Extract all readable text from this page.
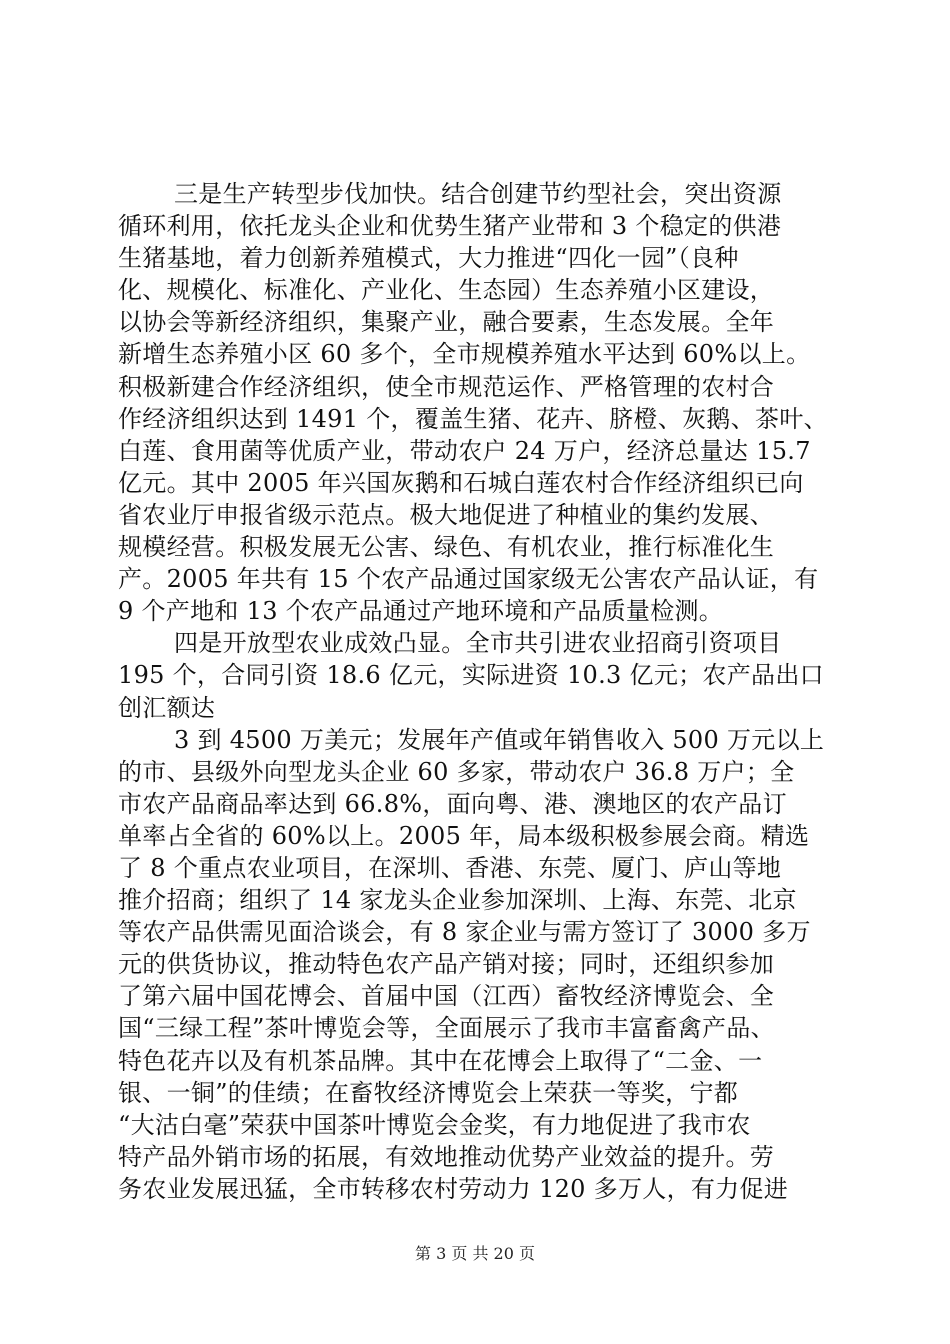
三是生产转型步伐加快。结合创建节约型社会，突出资源
循环利用，依托龙头企业和优势生猪产业带和 3 个稳定的供港
生猪基地，着力创新养殖模式，大力推进“四化一园”（良种
化、规模化、标准化、产业化、生态园）生态养殖小区建设，
以协会等新经济组织，集聚产业，融合要素，生态发展。全年
新增生态养殖小区 60 多个，全市规模养殖水平达到 60%以上。
积极新建合作经济组织，使全市规范运作、严格管理的农村合
作经济组织达到 1491 个，覆盖生猪、花卉、脐橙、灰鹅、茶叶、
白莲、食用菌等优质产业，带动农户 24 万户，经济总量达 15.7
亿元。其中 2005 年兴国灰鹅和石城白莲农村合作经济组织已向
省农业厅申报省级示范点。极大地促进了种植业的集约发展、
规模经营。积极发展无公害、绿色、有机农业，推行标准化生
产。2005 年共有 15 个农产品通过国家级无公害农产品认证，有
9 个产地和 13 个农产品通过产地环境和产品质量检测。
四是开放型农业成效凸显。全市共引进农业招商引资项目
195 个，合同引资 18.6 亿元，实际进资 10.3 亿元；农产品出口
创汇额达
3 到 4500 万美元；发展年产值或年销售收入 500 万元以上
的市、县级外向型龙头企业 60 多家，带动农户 36.8 万户；全
市农产品商品率达到 66.8%，面向粤、港、澳地区的农产品订
单率占全省的 60%以上。2005 年，局本级积极参展会商。精选
了 8 个重点农业项目，在深圳、香港、东莞、厦门、庐山等地
推介招商；组织了 14 家龙头企业参加深圳、上海、东莞、北京
等农产品供需见面洽谈会，有 8 家企业与需方签订了 3000 多万
元的供货协议，推动特色农产品产销对接；同时，还组织参加
了第六届中国花博会、首届中国（江西）畜牧经济博览会、全
国“三绿工程”茶叶博览会等，全面展示了我市丰富畜禽产品、
特色花卉以及有机茶品牌。其中在花博会上取得了“二金、一
银、一铜”的佳绩；在畜牧经济博览会上荣获一等奖，宁都
“大沽白毫”荣获中国茶叶博览会金奖，有力地促进了我市农
特产品外销市场的拓展，有效地推动优势产业效益的提升。劳
务农业发展迅猛，全市转移农村劳动力 120 多万人，有力促进
第 3 页 共 20 页
